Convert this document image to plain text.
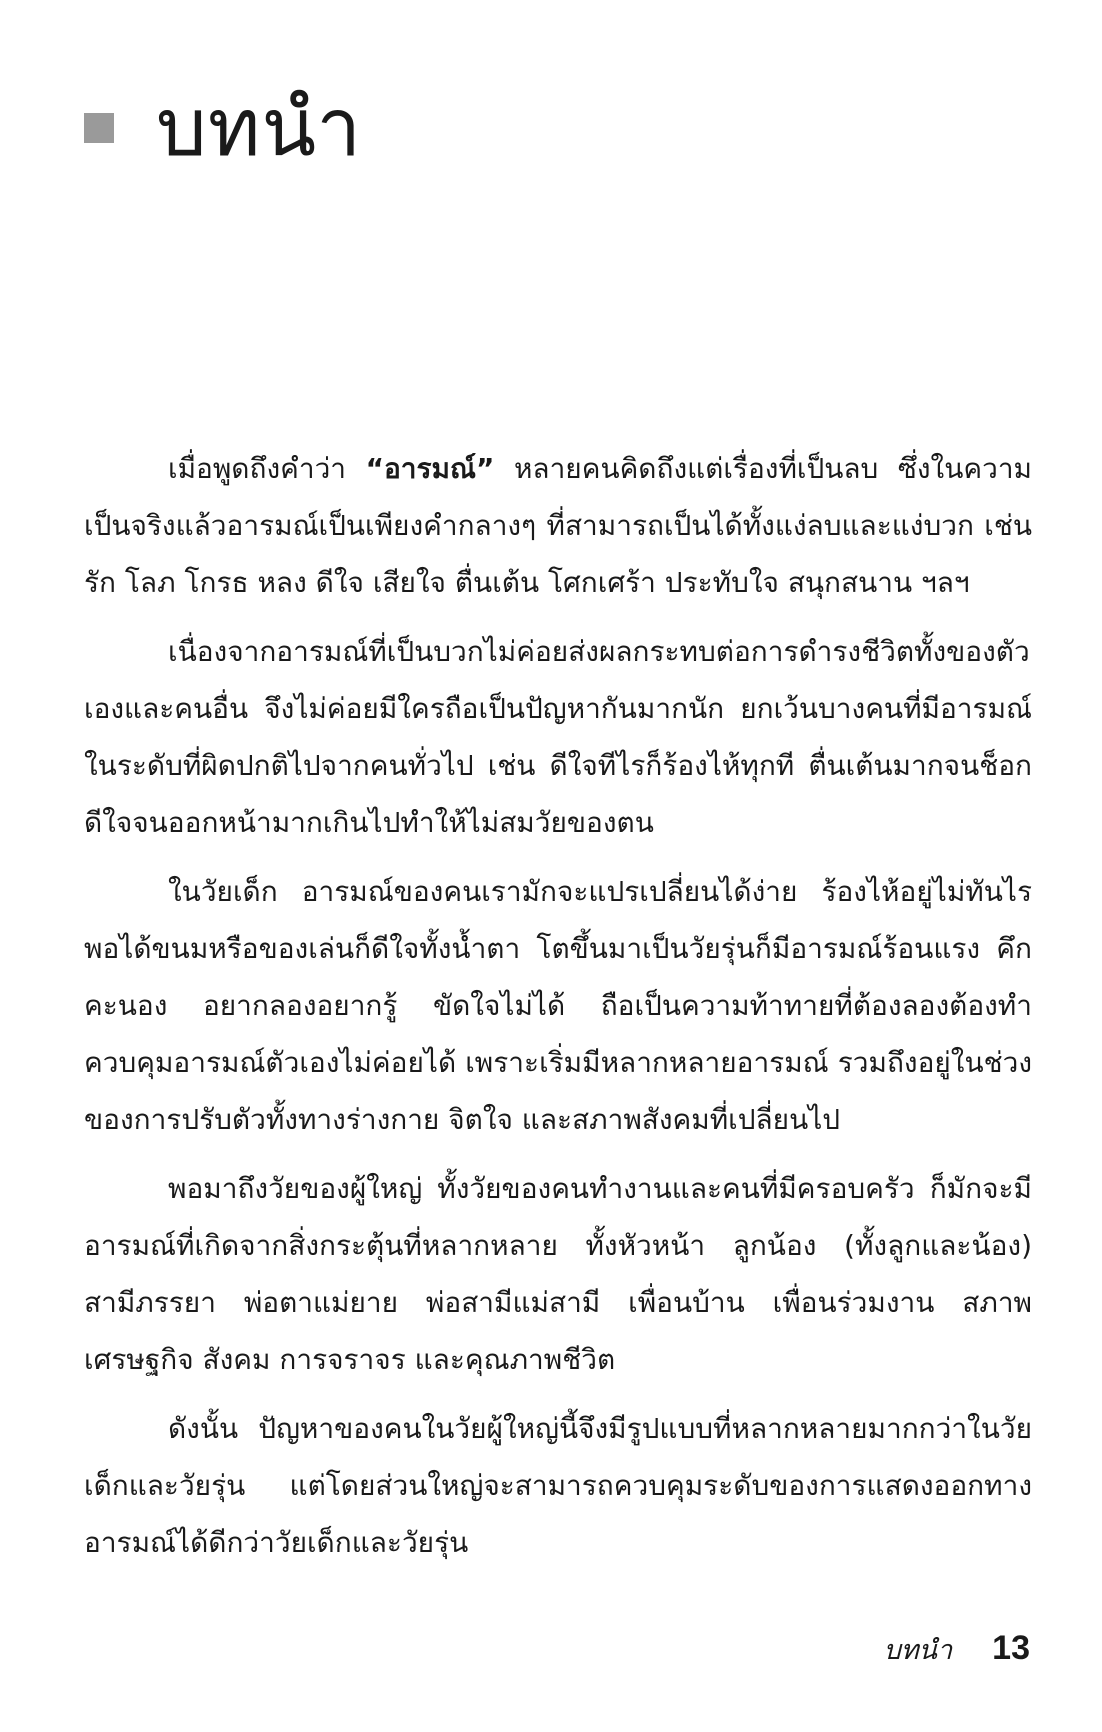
บทนำ

เมื่อพูดถึงคำว่า “อารมณ์” หลายคนคิดถึงแต่เรื่องที่เป็นลบ ซึ่งในความเป็นจริงแล้วอารมณ์เป็นเพียงคำกลางๆ ที่สามารถเป็นได้ทั้งแง่ลบและแง่บวก เช่น รัก โลภ โกรธ หลง ดีใจ เสียใจ ตื่นเต้น โศกเศร้า ประทับใจ สนุกสนาน ฯลฯ

เนื่องจากอารมณ์ที่เป็นบวกไม่ค่อยส่งผลกระทบต่อการดำรงชีวิตทั้งของตัวเองและคนอื่น จึงไม่ค่อยมีใครถือเป็นปัญหากันมากนัก ยกเว้นบางคนที่มีอารมณ์ในระดับที่ผิดปกติไปจากคนทั่วไป เช่น ดีใจทีไรก็ร้องไห้ทุกที ตื่นเต้นมากจนช็อก ดีใจจนออกหน้ามากเกินไปทำให้ไม่สมวัยของตน

ในวัยเด็ก อารมณ์ของคนเรามักจะแปรเปลี่ยนได้ง่าย ร้องไห้อยู่ไม่ทันไร พอได้ขนมหรือของเล่นก็ดีใจทั้งน้ำตา โตขึ้นมาเป็นวัยรุ่นก็มีอารมณ์ร้อนแรง คึกคะนอง อยากลองอยากรู้ ขัดใจไม่ได้ ถือเป็นความท้าทายที่ต้องลองต้องทำ ควบคุมอารมณ์ตัวเองไม่ค่อยได้ เพราะเริ่มมีหลากหลายอารมณ์ รวมถึงอยู่ในช่วงของการปรับตัวทั้งทางร่างกาย จิตใจ และสภาพสังคมที่เปลี่ยนไป

พอมาถึงวัยของผู้ใหญ่ ทั้งวัยของคนทำงานและคนที่มีครอบครัว ก็มักจะมีอารมณ์ที่เกิดจากสิ่งกระตุ้นที่หลากหลาย ทั้งหัวหน้า ลูกน้อง (ทั้งลูกและน้อง) สามีภรรยา พ่อตาแม่ยาย พ่อสามีแม่สามี เพื่อนบ้าน เพื่อนร่วมงาน สภาพเศรษฐกิจ สังคม การจราจร และคุณภาพชีวิต

ดังนั้น ปัญหาของคนในวัยผู้ใหญ่นี้จึงมีรูปแบบที่หลากหลายมากกว่าในวัยเด็กและวัยรุ่น แต่โดยส่วนใหญ่จะสามารถควบคุมระดับของการแสดงออกทางอารมณ์ได้ดีกว่าวัยเด็กและวัยรุ่น

บทนำ 13
